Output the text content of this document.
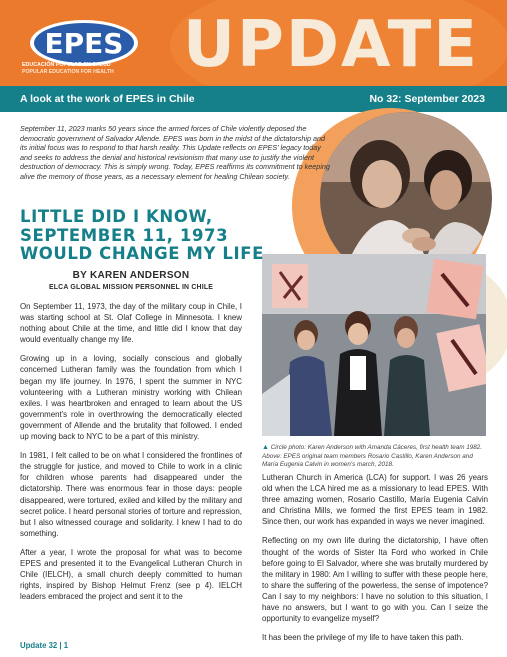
EPES
EDUCACIÓN POPULAR EN SALUD
POPULAR EDUCATION FOR HEALTH	UPDATE
A look at the work of EPES in Chile	No 32: September 2023
▲ Circle photo: Karen Anderson with Amanda Cáceres, first health team 1982. Above: EPES original team members Rosario Castillo, Karen Anderson and María Eugenia Calvin in women's march, 2018.
September 11, 2023 marks 50 years since the armed forces of Chile violently deposed the democratic government of Salvador Allende. EPES was born in the midst of the dictatorship and its initial focus was to respond to that harsh reality. This Update reflects on EPES' legacy today and seeks to address the denial and historical revisionism that many use to justify the violent destruction of democracy. This is simply wrong. Today, EPES reaffirms its commitment to keeping alive the memory of those years, as a necessary element for healing Chilean society.
LITTLE DID I KNOW, SEPTEMBER 11, 1973 WOULD CHANGE MY LIFE
BY KAREN ANDERSON
ELCA GLOBAL MISSION PERSONNEL IN CHILE

On September 11, 1973, the day of the military coup in Chile, I was starting school at St. Olaf College in Minnesota. I knew nothing about Chile at the time, and little did I know that day would eventually change my life.

Growing up in a loving, socially conscious and globally concerned Lutheran family was the foundation from which I began my life journey. In 1976, I spent the summer in NYC volunteering with a Lutheran ministry working with Chilean exiles. I was heartbroken and enraged to learn about the US government's role in overthrowing the democratically elected government of Allende and the brutality that followed. I ended up moving back to NYC to be a part of this ministry.

In 1981, I felt called to be on what I considered the frontlines of the struggle for justice, and moved to Chile to work in a clinic for children whose parents had disappeared under the dictatorship. There was enormous fear in those days: people disappeared, were tortured, exiled and killed by the military and secret police. I heard personal stories of torture and repression, but I also witnessed courage and solidarity. I knew I had to do something.

After a year, I wrote the proposal for what was to become EPES and presented it to the Evangelical Lutheran Church in Chile (IELCH), a small church deeply committed to human rights, inspired by Bishop Helmut Frenz (see p 4). IELCH leaders embraced the project and sent it to the

Lutheran Church in America (LCA) for support. I was 26 years old when the LCA hired me as a missionary to lead EPES. With three amazing women, Rosario Castillo, María Eugenia Calvin and Christina Mills, we formed the first EPES team in 1982. Since then, our work has expanded in ways we never imagined.

Reflecting on my own life during the dictatorship, I have often thought of the words of Sister Ita Ford who worked in Chile before going to El Salvador, where she was brutally murdered by the military in 1980: Am I willing to suffer with these people here, to share the suffering of the powerless, the sense of impotence? Can I say to my neighbors: I have no solution to this situation, I have no answers, but I want to go with you. Can I seize the opportunity to evangelize myself?

It has been the privilege of my life to have taken this path.

Update 32 | 1
